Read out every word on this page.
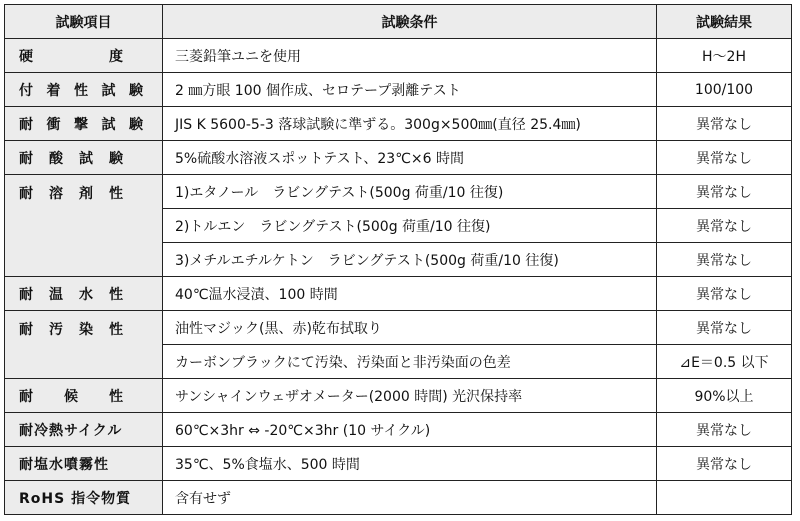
試験項目	試験条件	試験結果
硬　　　　　度	三菱鉛筆ユニを使用	H～2H
付着性試験	2 ㎜方眼 100 個作成、セロテープ剥離テスト	100/100
耐衝撃試験	JIS K 5600-5-3 落球試験に準ずる。300g×500㎜(直径 25.4㎜)	異常なし
耐　酸　試　験	5%硫酸水溶液スポットテスト、23℃×6 時間	異常なし
耐　溶　剤　性	1)エタノール　ラビングテスト(500g 荷重/10 往復)	異常なし
	2)トルエン　ラビングテスト(500g 荷重/10 往復)	異常なし
	3)メチルエチルケトン　ラビングテスト(500g 荷重/10 往復)	異常なし
耐　温　水　性	40℃温水浸漬、100 時間	異常なし
耐　汚　染　性	油性マジック(黒、赤)乾布拭取り	異常なし
	カーボンブラックにて汚染、汚染面と非汚染面の色差	⊿E＝0.5 以下
耐　　候　　性	サンシャインウェザオメーター(2000 時間) 光沢保持率	90%以上
耐冷熱サイクル	60℃×3hr ⇔ -20℃×3hr (10 サイクル)	異常なし
耐塩水噴霧性	35℃、5%食塩水、500 時間	異常なし
RoHS 指令物質	含有せず	
